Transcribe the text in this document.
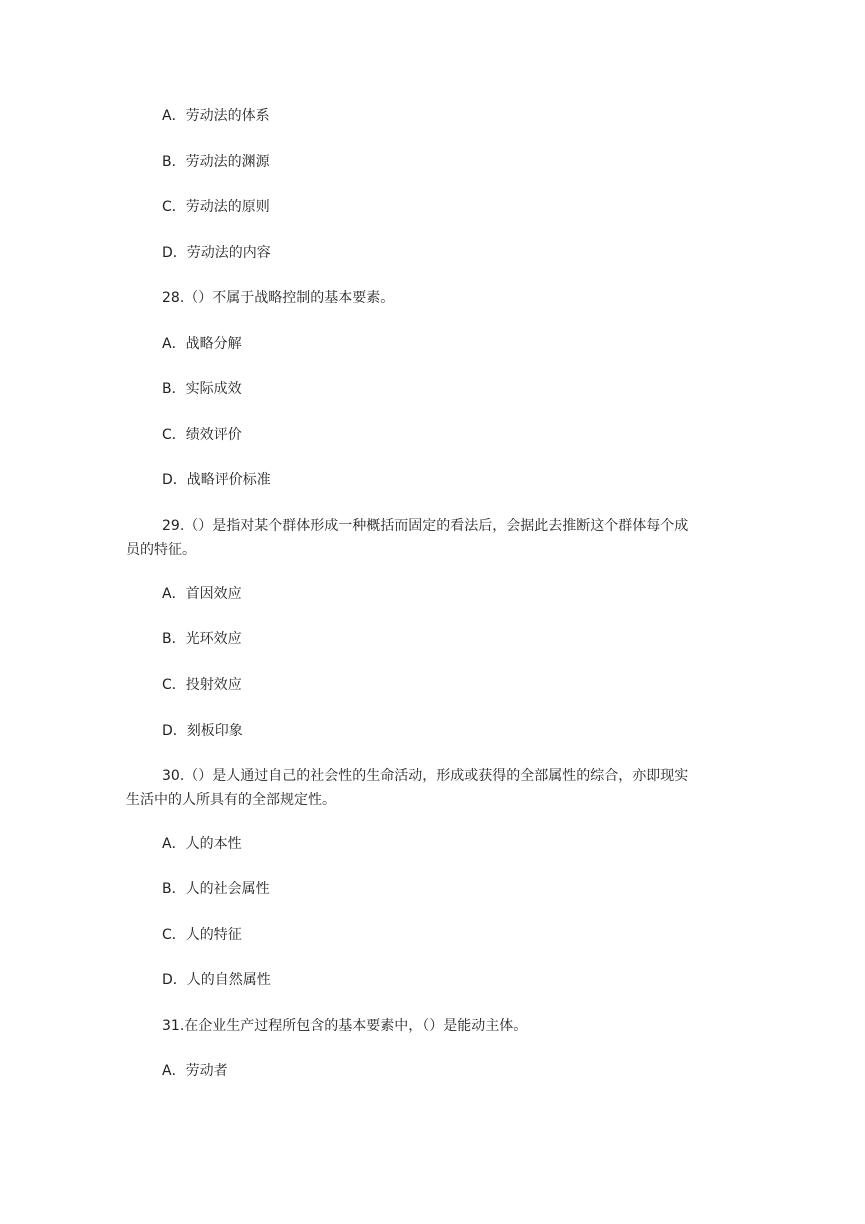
A．劳动法的体系
B．劳动法的渊源
C．劳动法的原则
D．劳动法的内容
28.（）不属于战略控制的基本要素。
A．战略分解
B．实际成效
C．绩效评价
D．战略评价标准
29.（）是指对某个群体形成一种概括而固定的看法后，会据此去推断这个群体每个成
员的特征。
A．首因效应
B．光环效应
C．投射效应
D．刻板印象
30.（）是人通过自己的社会性的生命活动，形成或获得的全部属性的综合，亦即现实
生活中的人所具有的全部规定性。
A．人的本性
B．人的社会属性
C．人的特征
D．人的自然属性
31.在企业生产过程所包含的基本要素中，（）是能动主体。
A．劳动者
